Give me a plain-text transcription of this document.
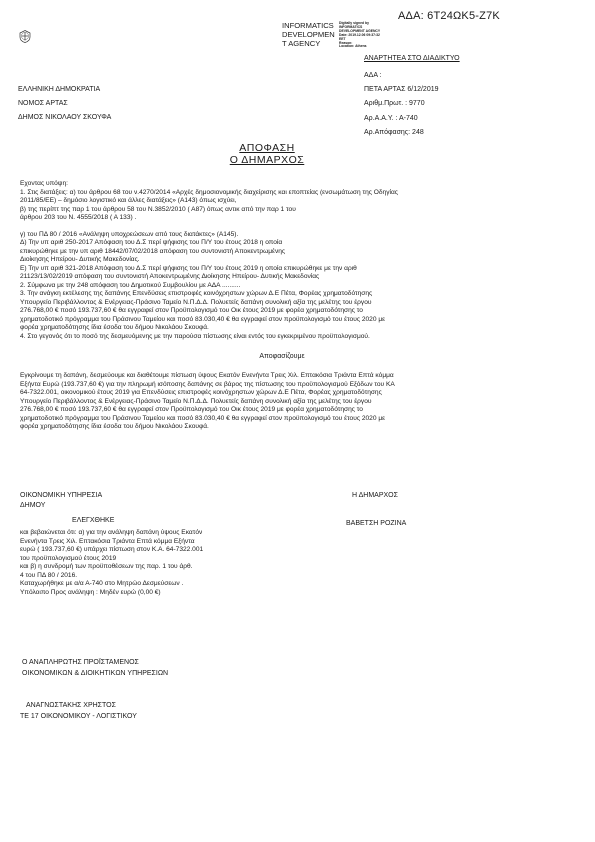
ΑΔΑ: 6Τ24ΩΚ5-Ζ7Κ
INFORMATICS
DEVELOPMEN
T AGENCY
Digitally signed by
INFORMATICS
DEVELOPMENT AGENCY
Date: 2019.12.06 09:37:32
EET
Reason:
Location: Athens
ΑΝΑΡΤΗΤΕΑ ΣΤΟ ΔΙΑΔΙΚΤΥΟ
ΕΛΛΗΝΙΚΗ ΔΗΜΟΚΡΑΤΙΑ
ΝΟΜΟΣ ΑΡΤΑΣ
ΔΗΜΟΣ ΝΙΚΟΛΑΟΥ ΣΚΟΥΦΑ
ΑΔΑ :
ΠΕΤΑ ΑΡΤΑΣ 6/12/2019
Αριθμ.Πρωτ. : 9770
Αρ.Α.Α.Υ. : Α-740
Αρ.Απόφασης: 248
ΑΠΟΦΑΣΗ
Ο ΔΗΜΑΡΧΟΣ
Εχοντας υπόψη:
1. Στις διατάξεις: α) του άρθρου 68 του ν.4270/2014 «Αρχές δημοσιονομικής διαχείρισης και εποπτείας (ενσωμάτωση της Οδηγίας
2011/85/ΕΕ) – δημόσιο λογιστικό και άλλες διατάξεις» (Α143) όπως ισχύει,
β) της περίπτ της παρ 1 του άρθρου 58 του Ν.3852/2010 ( Α87) όπως αντικ από την παρ 1 του
άρθρου 203 του Ν. 4555/2018 ( Α 133) .
γ) του ΠΔ 80 / 2016 «Ανάληψη υποχρεώσεων από τους διατάκτες» (Α145).
Δ) Την υπ αριθ 250-2017 Απόφαση του Δ.Σ περί ψήφισης του Π/Υ του έτους 2018 η οποία
επικυρώθηκε με την υπ αριθ 18442/07/02/2018 απόφαση του συντονιστή Αποκεντρωμένης
Διοίκησης Ηπείρου- Δυτικής Μακεδονίας.
Ε) Την υπ αριθ 321-2018 Απόφαση του Δ.Σ περί ψήφισης του Π/Υ του έτους 2019 η οποία επικυρώθηκε με την αριθ
21123/13/02/2019 απόφαση του συντονιστή Αποκεντρωμένης Διοίκησης Ηπείρου- Δυτικής Μακεδονίας
2. Σύμφωνα με την 248 απόφαση του Δημοτικού Συμβουλίου με ΑΔΑ ..........
3. Την ανάγκη εκτέλεσης της δαπάνης Επενδύσεις επιστροφές κοινόχρηστων χώρων Δ.Ε Πέτα, Φορέας χρηματοδότησης
Υπουργείο Περιβάλλοντος & Ενέργειας-Πράσινο Ταμείο Ν.Π.Δ.Δ. Πολυετείς δαπάνη συνολική αξία της μελέτης του έργου
276.768,00 € ποσό 193.737,60 € θα εγγραφεί στον Προϋπολογισμό του Οικ έτους 2019 με φορέα χρηματοδότησης το
χρηματοδοτικό πρόγραμμα του Πράσινου Ταμείου και ποσό 83.030,40 € θα εγγραφεί στον προϋπολογισμό του έτους 2020 με
φορέα χρηματοδότησης ίδια έσοδα του δήμου Νικολάου Σκουφά.
4. Στο γεγονός ότι το ποσό της δεσμευόμενης με την παρούσα πίστωσης είναι εντός του εγκεκριμένου προϋπολογισμού.
Αποφασίζουμε
Εγκρίνουμε τη δαπάνη, δεσμεύουμε και διαθέτουμε πίστωση ύψους Εκατόν Ενενήντα Τρεις Χιλ. Επτακόσια Τριάντα Επτά κόμμα
Εξήντα Ευρώ (193.737,60 €) για την πληρωμή ισόποσης δαπάνης σε βάρος της πίστωσης του προϋπολογισμού Εξόδων του ΚΑ
64-7322.001, οικονομικού έτους 2019 για Επενδύσεις επιστροφές κοινόχρηστων χώρων Δ.Ε Πέτα, Φορέας χρηματοδότησης
Υπουργείο Περιβάλλοντος & Ενέργειας-Πράσινο Ταμείο Ν.Π.Δ.Δ. Πολυετείς δαπάνη συνολική αξία της μελέτης του έργου
276.768,00 € ποσό 193.737,60 € θα εγγραφεί στον Προϋπολογισμό του Οικ έτους 2019 με φορέα χρηματοδότησης το
χρηματοδοτικό πρόγραμμα του Πράσινου Ταμείου και ποσό 83.030,40 € θα εγγραφεί στον προϋπολογισμό του έτους 2020 με
φορέα χρηματοδότησης ίδια έσοδα του δήμου Νικολάου Σκουφά.
ΟΙΚΟΝΟΜΙΚΗ ΥΠΗΡΕΣΙΑ
ΔΗΜΟΥ
Η ΔΗΜΑΡΧΟΣ
ΒΑΒΕΤΣΗ ΡΟΖΙΝΑ
ΕΛΕΓΧΘΗΚΕ
και βεβαιώνεται ότι: α) για την ανάληψη δαπάνη ύψους Εκατόν
Ενενήντα Τρεις Χιλ. Επτακόσια Τριάντα Επτά κόμμα Εξήντα
ευρώ ( 193.737,60 €) υπάρχει πίστωση στον Κ.Α. 64-7322.001
του προϋπολογισμού έτους 2019
και β) η συνδρομή των προϋποθέσεων της παρ. 1 του άρθ.
4 του ΠΔ 80 / 2016.
Καταχωρήθηκε με α/α Α-740 στο Μητρώο Δεσμεύσεων .
Υπόλοιπο Προς ανάληψη : Μηδέν ευρώ (0,00 €)
Ο ΑΝΑΠΛΗΡΩΤΗΣ ΠΡΟΪΣΤΑΜΕΝΟΣ
ΟΙΚΟΝΟΜΙΚΩΝ & ΔΙΟΙΚΗΤΙΚΩΝ ΥΠΗΡΕΣΙΩΝ
ΑΝΑΓΝΩΣΤΑΚΗΣ ΧΡΗΣΤΟΣ
ΤΕ 17 ΟΙΚΟΝΟΜΙΚΟΥ - ΛΟΓΙΣΤΙΚΟΥ
